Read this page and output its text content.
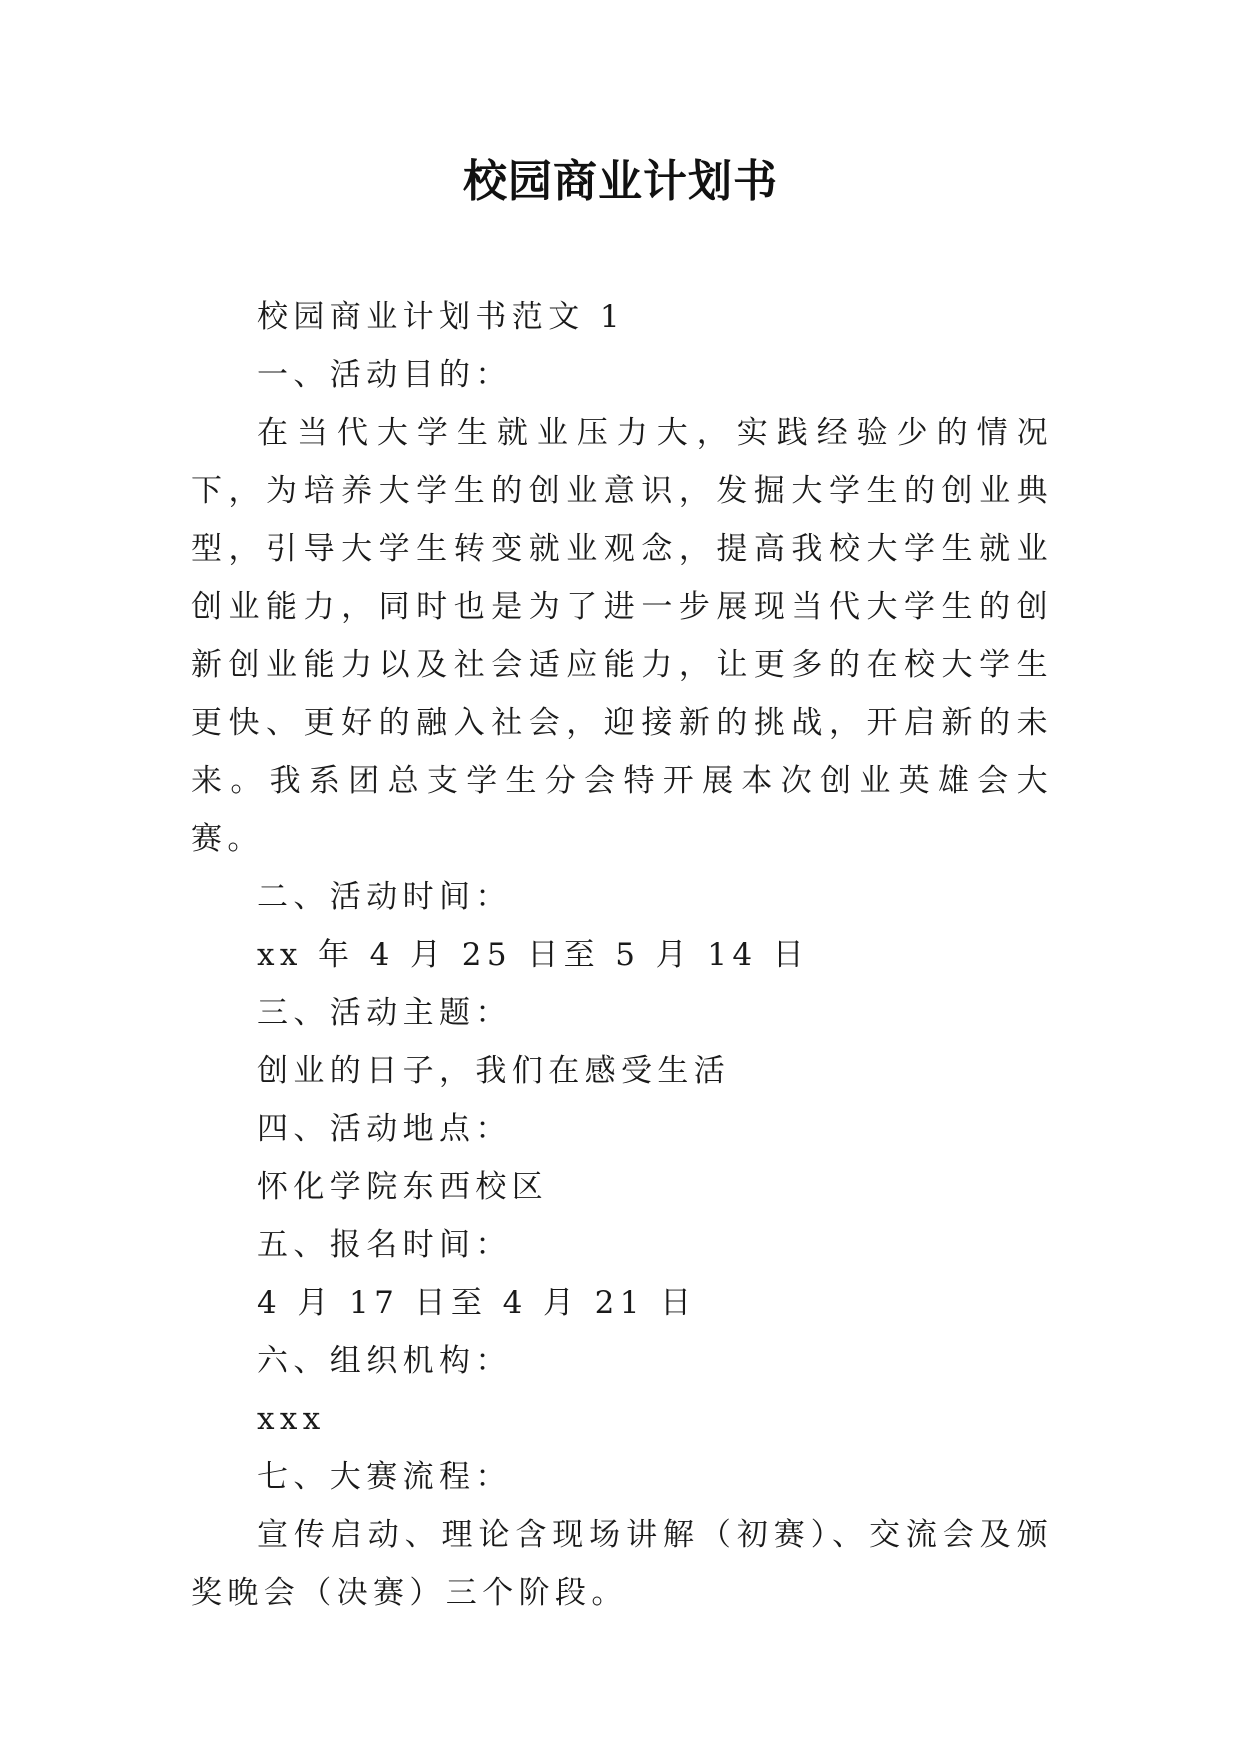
校园商业计划书

校园商业计划书范文 1

一、活动目的：

在当代大学生就业压力大，实践经验少的情况下，为培养大学生的创业意识，发掘大学生的创业典型，引导大学生转变就业观念，提高我校大学生就业创业能力，同时也是为了进一步展现当代大学生的创新创业能力以及社会适应能力，让更多的在校大学生更快、更好的融入社会，迎接新的挑战，开启新的未来。我系团总支学生分会特开展本次创业英雄会大赛。

二、活动时间：

xx 年 4 月 25 日至 5 月 14 日

三、活动主题：

创业的日子，我们在感受生活

四、活动地点：

怀化学院东西校区

五、报名时间：

4 月 17 日至 4 月 21 日

六、组织机构：

xxx

七、大赛流程：

宣传启动、理论含现场讲解（初赛）、交流会及颁奖晚会（决赛）三个阶段。
